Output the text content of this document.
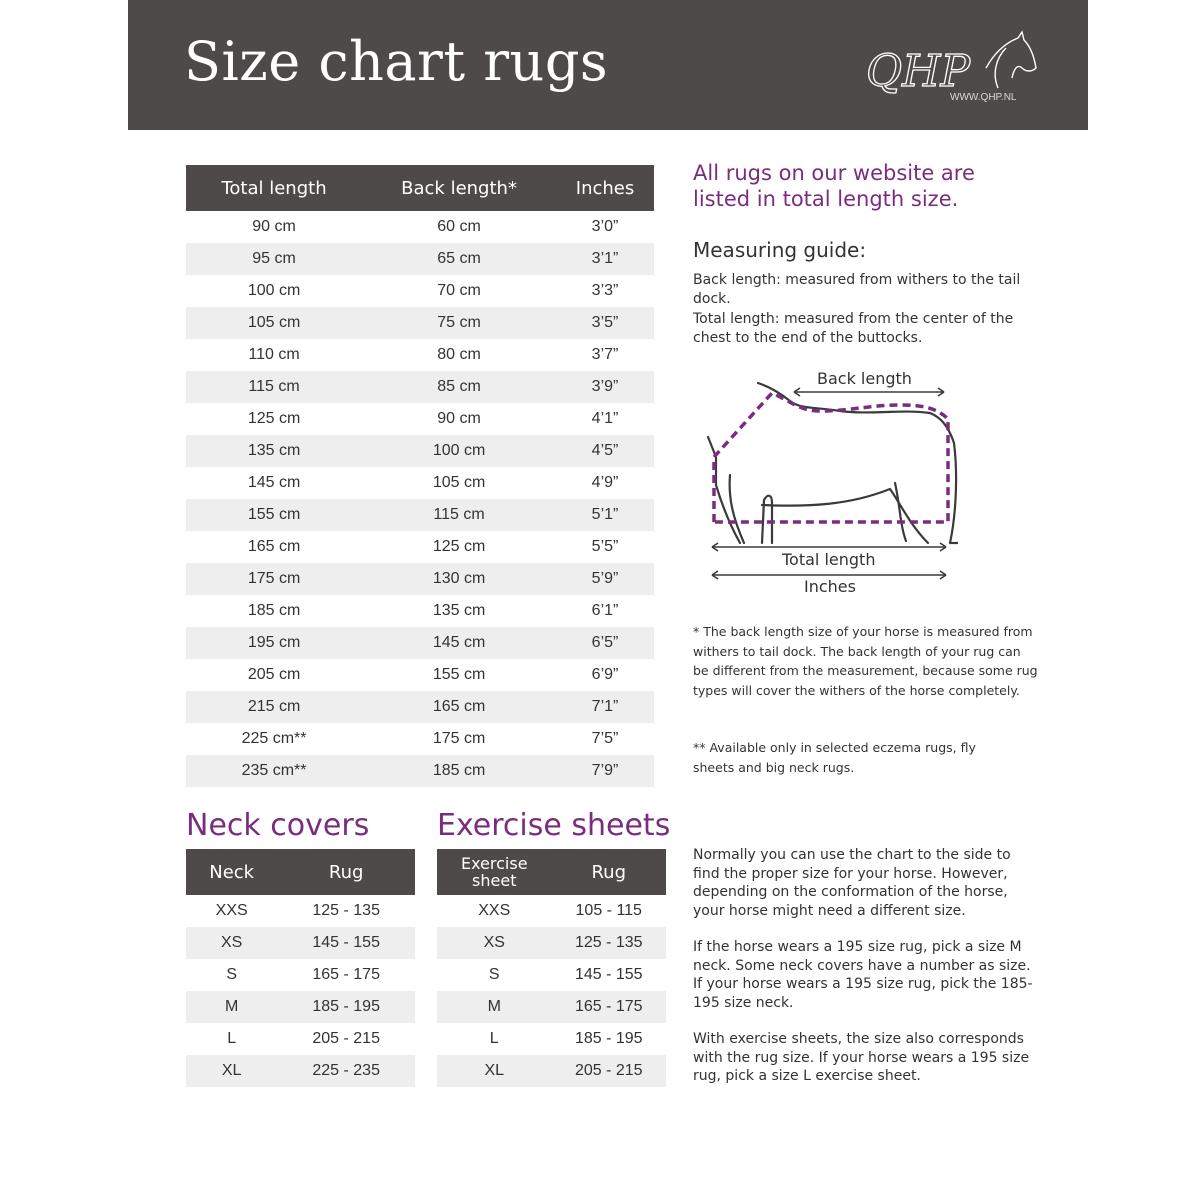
Size chart rugs	QHP
WWW.QHP.NL
Total length	Back length*	Inches
90 cm	60 cm	3’0”
95 cm	65 cm	3’1”
100 cm	70 cm	3’3”
105 cm	75 cm	3’5”
110 cm	80 cm	3’7”
115 cm	85 cm	3’9”
125 cm	90 cm	4’1”
135 cm	100 cm	4’5”
145 cm	105 cm	4’9”
155 cm	115 cm	5’1”
165 cm	125 cm	5’5”
175 cm	130 cm	5’9”
185 cm	135 cm	6’1”
195 cm	145 cm	6’5”
205 cm	155 cm	6’9”
215 cm	165 cm	7’1”
225 cm**	175 cm	7’5”
235 cm**	185 cm	7’9”
All rugs on our website are listed in total length size.
Measuring guide:
Back length: measured from withers to the tail dock.
Total length: measured from the center of the chest to the end of the buttocks.
Back length
Total length
Inches
* The back length size of your horse is measured from withers to tail dock. The back length of your rug can be different from the measurement, because some rug types will cover the withers of the horse completely.
** Available only in selected eczema rugs, fly sheets and big neck rugs.
Neck covers Exercise sheets
Neck	Rug
XXS	125 - 135
XS	145 - 155
S	165 - 175
M	185 - 195
L	205 - 215
XL	225 - 235
Exercise sheet	Rug
XXS	105 - 115
XS	125 - 135
S	145 - 155
M	165 - 175
L	185 - 195
XL	205 - 215
Normally you can use the chart to the side to find the proper size for your horse. However, depending on the conformation of the horse, your horse might need a different size.
If the horse wears a 195 size rug, pick a size M neck. Some neck covers have a number as size. If your horse wears a 195 size rug, pick the 185-195 size neck.
With exercise sheets, the size also corresponds with the rug size. If your horse wears a 195 size rug, pick a size L exercise sheet.
